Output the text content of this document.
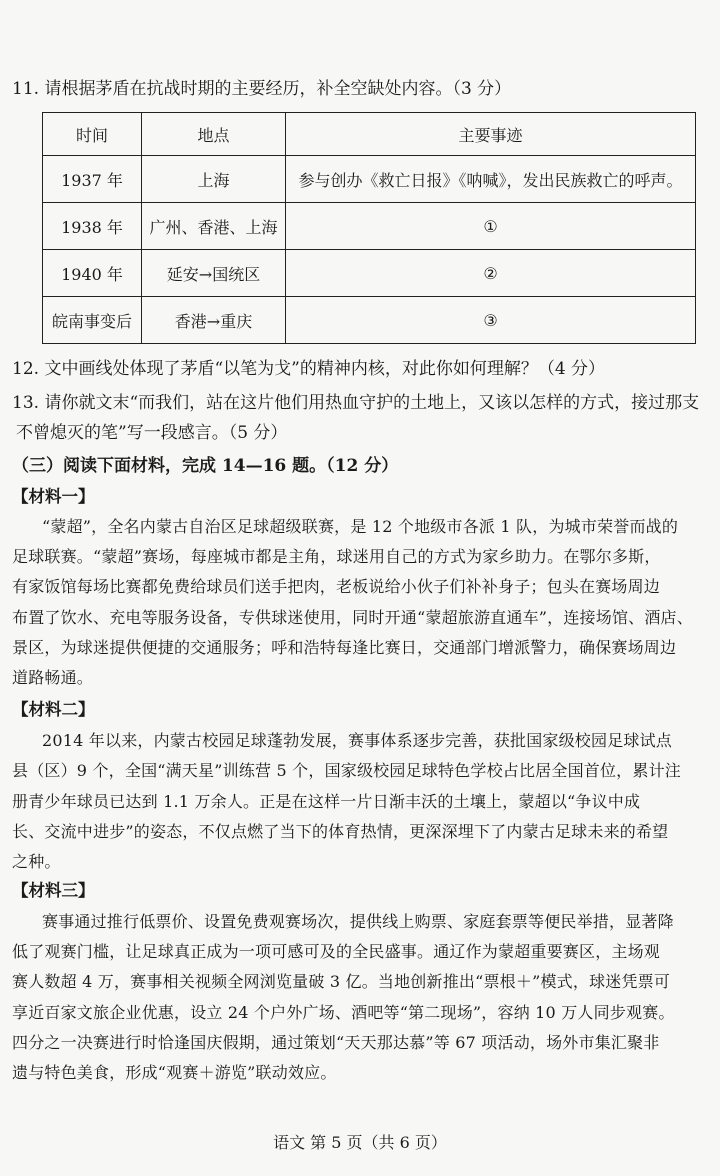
11. 请根据茅盾在抗战时期的主要经历，补全空缺处内容。（3 分）
时间	地点	主要事迹
1937 年	上海	参与创办《救亡日报》《呐喊》，发出民族救亡的呼声。
1938 年	广州、香港、上海	①
1940 年	延安→国统区	②
皖南事变后	香港→重庆	③
12. 文中画线处体现了茅盾“以笔为戈”的精神内核，对此你如何理解？（4 分）
13. 请你就文末“而我们，站在这片他们用热血守护的土地上，又该以怎样的方式，接过那支
不曾熄灭的笔”写一段感言。（5 分）
（三）阅读下面材料，完成 14—16 题。（12 分）
【材料一】
“蒙超”，全名内蒙古自治区足球超级联赛，是 12 个地级市各派 1 队，为城市荣誉而战的
足球联赛。“蒙超”赛场，每座城市都是主角，球迷用自己的方式为家乡助力。在鄂尔多斯，
有家饭馆每场比赛都免费给球员们送手把肉，老板说给小伙子们补补身子；包头在赛场周边
布置了饮水、充电等服务设备，专供球迷使用，同时开通“蒙超旅游直通车”，连接场馆、酒店、
景区，为球迷提供便捷的交通服务；呼和浩特每逢比赛日，交通部门增派警力，确保赛场周边
道路畅通。
【材料二】
2014 年以来，内蒙古校园足球蓬勃发展，赛事体系逐步完善，获批国家级校园足球试点
县（区）9 个，全国“满天星”训练营 5 个，国家级校园足球特色学校占比居全国首位，累计注
册青少年球员已达到 1.1 万余人。正是在这样一片日渐丰沃的土壤上，蒙超以“争议中成
长、交流中进步”的姿态，不仅点燃了当下的体育热情，更深深埋下了内蒙古足球未来的希望
之种。
【材料三】
赛事通过推行低票价、设置免费观赛场次，提供线上购票、家庭套票等便民举措，显著降
低了观赛门槛，让足球真正成为一项可感可及的全民盛事。通辽作为蒙超重要赛区，主场观
赛人数超 4 万，赛事相关视频全网浏览量破 3 亿。当地创新推出“票根＋”模式，球迷凭票可
享近百家文旅企业优惠，设立 24 个户外广场、酒吧等“第二现场”，容纳 10 万人同步观赛。
四分之一决赛进行时恰逢国庆假期，通过策划“天天那达慕”等 67 项活动，场外市集汇聚非
遗与特色美食，形成“观赛＋游览”联动效应。
语文 第 5 页（共 6 页）
